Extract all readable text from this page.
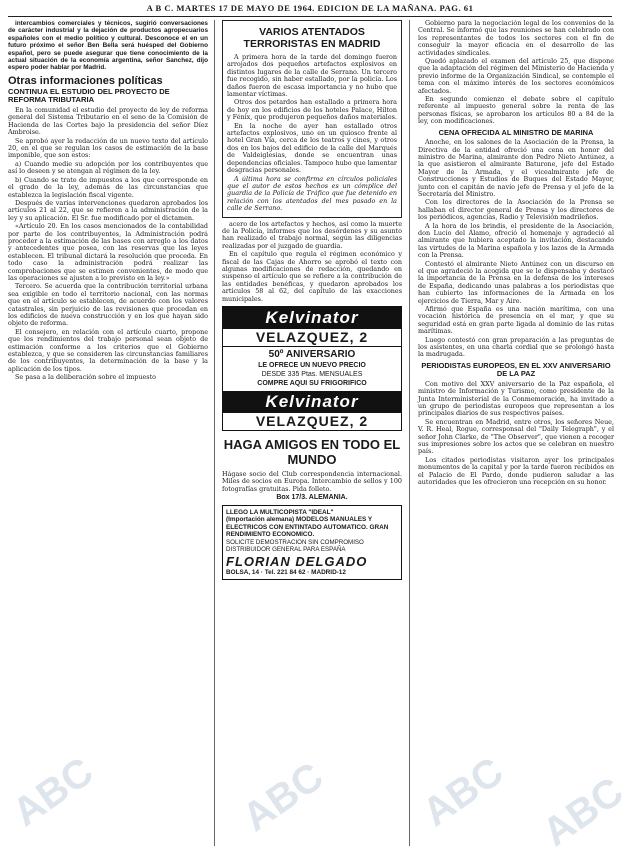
A B C. MARTES 17 DE MAYO DE 1964. EDICION DE LA MAÑANA. PAG. 61

intercambios comerciales y técnicos, sugirió conversaciones de carácter industrial y la dejación de productos agropecuarios españoles con el medio político y cultural. Desconoce el en un futuro próximo el señor Ben Bella será huésped del Gobierno español, pero se puede asegurar que tiene conocimiento de la actual situación de la economía argentina, señor Sanchez, dijo espero poder hablar por Madrid.

Otras informaciones políticas
CONTINUA EL ESTUDIO DEL PROYECTO DE REFORMA TRIBUTARIA

En la comunidad el estudio del proyecto de ley de reforma general del Sistema Tributario en el seno de la Comisión de Hacienda de las Cortes bajo la presidencia del señor Díez Ambroise.

Se aprobó ayer la redacción de un nuevo texto del artículo 20, en el que se regulan los casos de estimación de la base imponible, que son estos:

a) Cuando medie su adopción por los contribuyentes que así lo deseen y se atengan al régimen de la ley.

b) Cuando se trate de impuestos a los que corresponde en el grado de la ley, además de las circunstancias que establezca la legislación fiscal vigente.

Después de varias intervenciones quedaron aprobados los artículos 21 al 22, que se refieren a la administración de la ley y su aplicación. El Sr. fue modificado por el dictamen.

«Artículo 20. En los casos mencionados de la contabilidad por parte de los contribuyentes, la Administración podrá proceder a la estimación de las bases con arreglo a los datos y antecedentes que posea, con las reservas que las leyes establecen. El tribunal dictará la resolución que proceda. En todo caso la administración podrá realizar las comprobaciones que se estimen convenientes, de modo que las operaciones se ajusten a lo previsto en la ley.»

Tercero. Se acuerda que la contribución territorial urbana sea exigible en todo el territorio nacional, con las normas que en el artículo se establecen, de acuerdo con los valores catastrales, sin perjuicio de las revisiones que procedan en los edificios de nueva construcción y en los que hayan sido objeto de reforma.

El consejero, en relación con el artículo cuarto, propone que los rendimientos del trabajo personal sean objeto de estimación conforme a los criterios que el Gobierno establezca, y que se consideren las circunstancias familiares de los contribuyentes, la determinación de la base y la aplicación de los tipos.

Se pasa a la deliberación sobre el impuesto

VARIOS ATENTADOS TERRORISTAS EN MADRID

A primera hora de la tarde del domingo fueron arrojados dos pequeños artefactos explosivos en distintos lugares de la calle de Serrano. Un tercero fue recogido, sin haber estallado, por la policía. Los daños fueron de escasa importancia y no hubo que lamentar víctimas.

Otros dos petardos han estallado a primera hora de hoy en los edificios de los hoteles Palace, Hilton y Fénix, que produjeron pequeños daños materiales.

En la noche de ayer han estallado otros artefactos explosivos, uno en un quiosco frente al hotel Gran Vía, cerca de los teatros y cines, y otros dos en los bajos del edificio de la calle del Marqués de Valdeiglesias, donde se encuentran unas dependencias oficiales. Tampoco hubo que lamentar desgracias personales.

A última hora se confirma en círculos policiales que el autor de estos hechos es un cómplice del guardia de la Policía de Tráfico que fue detenido en relación con los atentados del mes pasado en la calle de Serrano.

acero de los artefactos y hechos, así como la muerte de la Policía, informes que los desórdenes y su asunto han realizado el trabajo normal, según las diligencias realizadas por el juzgado de guardia.

En el capítulo que regula el régimen económico y fiscal de las Cajas de Ahorro se aprobó el texto con algunas modificaciones de redacción, quedando en suspenso el artículo que se refiere a la contribución de las entidades benéficas, y quedaron aprobados los artículos 58 al 62, del capítulo de las exacciones municipales.

Kelvinator
VELAZQUEZ, 2
50º ANIVERSARIO
LE OFRECE UN NUEVO PRECIO
DESDE 335 Ptas. MENSUALES
COMPRE AQUI SU FRIGORIFICO
Kelvinator
VELAZQUEZ, 2
HAGA AMIGOS EN TODO EL MUNDO

Hágase socio del Club correspondencia internacional. Miles de socios en Europa. Intercambio de sellos y 100 fotografías gratuitas. Pida folleto.

Box 17/3. ALEMANIA.

LLEGO LA MULTICOPISTA "IDEAL"
(Importación alemana) MODELOS MANUALES Y ELECTRICOS CON ENTINTADO AUTOMATICO. GRAN RENDIMIENTO ECONOMICO.
SOLICITE DEMOSTRACION SIN COMPROMISO
DISTRIBUIDOR GENERAL PARA ESPAÑA
FLORIAN DELGADO
BOLSA, 14 · Tel. 221 84 62 · MADRID-12

Gobierno para la negociación legal de los convenios de la Central. Se informó que las reuniones se han celebrado con los representantes de todos los sectores con el fin de conseguir la mayor eficacia en el desarrollo de las actividades sindicales.

Quedó aplazado el examen del artículo 25, que dispone que la adaptación del régimen del Ministerio de Hacienda y previo informe de la Organización Sindical, se contemple el tema con el máximo interés de los sectores económicos afectados.

En segundo comienzo el debate sobre el capítulo referente al impuesto general sobre la renta de las personas físicas, se aprobaron los artículos 80 a 84 de la ley, con modificaciones.

CENA OFRECIDA AL MINISTRO DE MARINA

Anoche, en los salones de la Asociación de la Prensa, la Directiva de la entidad ofreció una cena en honor del ministro de Marina, almirante don Pedro Nieto Antúnez, a la que asistieron el almirante Baturone, jefe del Estado Mayor de la Armada, y el vicealmirante jefe de Construcciones y Estudios de Buques del Estado Mayor, junto con el capitán de navío jefe de Prensa y el jefe de la Secretaría del Ministro.

Con los directores de la Asociación de la Prensa se hallaban el director general de Prensa y los directores de los periódicos, agencias, Radio y Televisión madrileños.

A la hora de los brindis, el presidente de la Asociación, don Lucio del Álamo, ofreció el homenaje y agradeció al almirante que hubiera aceptado la invitación, destacando las virtudes de la Marina española y los lazos de la Armada con la Prensa.

Contestó el almirante Nieto Antúnez con un discurso en el que agradeció la acogida que se le dispensaba y destacó la importancia de la Prensa en la defensa de los intereses de España, dedicando unas palabras a los periodistas que han cubierto las informaciones de la Armada en los ejercicios de Tierra, Mar y Aire.

Afirmó que España es una nación marítima, con una vocación histórica de presencia en el mar, y que su seguridad está en gran parte ligada al dominio de las rutas marítimas.

Luego contestó con gran preparación a las preguntas de los asistentes, en una charla cordial que se prolongó hasta la madrugada.

PERIODISTAS EUROPEOS, EN EL XXV ANIVERSARIO DE LA PAZ

Con motivo del XXV aniversario de la Paz española, el ministro de Información y Turismo, como presidente de la Junta Interministerial de la Conmemoración, ha invitado a un grupo de periodistas europeos que representan a los principales diarios de sus respectivos países.

Se encuentran en Madrid, entre otros, los señores Neue, V. R. Heal, Rogue, corresponsal del "Daily Telegraph", y el señor John Clarke, de "The Observer", que vienen a recoger sus impresiones sobre los actos que se celebran en nuestro país.

Los citados periodistas visitaron ayer los principales monumentos de la capital y por la tarde fueron recibidos en el Palacio de El Pardo, donde pudieron saludar a las autoridades que les ofrecieron una recepción en su honor.

ABC	ABC ABC ABC
